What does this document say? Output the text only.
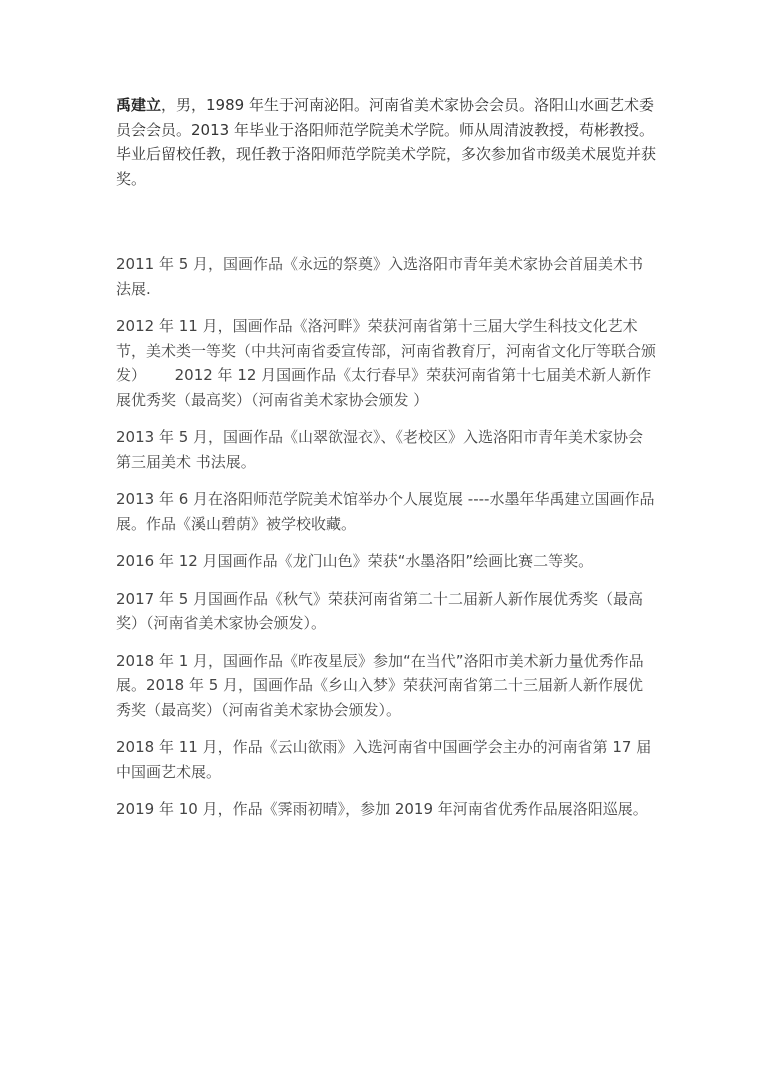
禹建立，男，1989 年生于河南泌阳。河南省美术家协会会员。洛阳山水画艺术委员会会员。2013 年毕业于洛阳师范学院美术学院。师从周清波教授，苟彬教授。毕业后留校任教，现任教于洛阳师范学院美术学院，多次参加省市级美术展览并获奖。

2011 年 5 月，国画作品《永远的祭奠》入选洛阳市青年美术家协会首届美术书法展.
2012 年 11 月，国画作品《洛河畔》荣获河南省第十三届大学生科技文化艺术节，美术类一等奖（中共河南省委宣传部，河南省教育厅，河南省文化厅等联合颁发）      2012 年 12 月国画作品《太行春早》荣获河南省第十七届美术新人新作展优秀奖（最高奖）（河南省美术家协会颁发 ）
2013 年 5 月，国画作品《山翠欲湿衣》、《老校区》入选洛阳市青年美术家协会第三届美术 书法展。
2013 年 6 月在洛阳师范学院美术馆举办个人展览展 ----水墨年华禹建立国画作品展。作品《溪山碧荫》被学校收藏。
2016 年 12 月国画作品《龙门山色》荣获“水墨洛阳”绘画比赛二等奖。
2017 年 5 月国画作品《秋气》荣获河南省第二十二届新人新作展优秀奖（最高奖）（河南省美术家协会颁发）。
2018 年 1 月，国画作品《昨夜星辰》参加“在当代”洛阳市美术新力量优秀作品展。2018 年 5 月，国画作品《乡山入梦》荣获河南省第二十三届新人新作展优秀奖（最高奖）（河南省美术家协会颁发）。
2018 年 11 月，作品《云山欲雨》入选河南省中国画学会主办的河南省第 17 届中国画艺术展。
2019 年 10 月，作品《霁雨初晴》，参加 2019 年河南省优秀作品展洛阳巡展。
